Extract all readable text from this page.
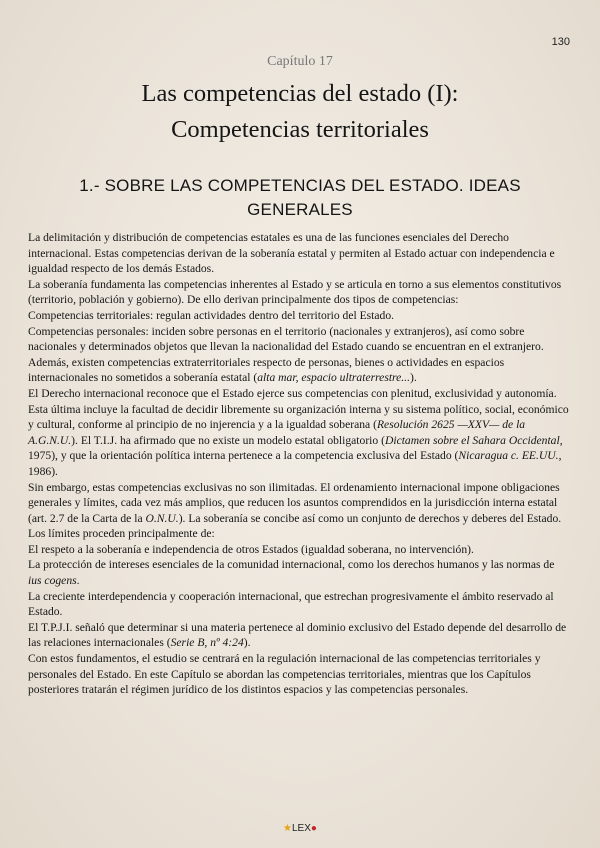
130
Capítulo 17
Las competencias del estado (I):
Competencias territoriales
1.- SOBRE LAS COMPETENCIAS DEL ESTADO. IDEAS GENERALES

La delimitación y distribución de competencias estatales es una de las funciones esenciales del Derecho internacional. Estas competencias derivan de la soberanía estatal y permiten al Estado actuar con independencia e igualdad respecto de los demás Estados.

La soberanía fundamenta las competencias inherentes al Estado y se articula en torno a sus elementos constitutivos (territorio, población y gobierno). De ello derivan principalmente dos tipos de competencias:

Competencias territoriales: regulan actividades dentro del territorio del Estado.

Competencias personales: inciden sobre personas en el territorio (nacionales y extranjeros), así como sobre nacionales y determinados objetos que llevan la nacionalidad del Estado cuando se encuentran en el extranjero.

Además, existen competencias extraterritoriales respecto de personas, bienes o actividades en espacios internacionales no sometidos a soberanía estatal (alta mar, espacio ultraterrestre...).

El Derecho internacional reconoce que el Estado ejerce sus competencias con plenitud, exclusividad y autonomía. Esta última incluye la facultad de decidir libremente su organización interna y su sistema político, social, económico y cultural, conforme al principio de no injerencia y a la igualdad soberana (Resolución 2625 —XXV— de la A.G.N.U.). El T.I.J. ha afirmado que no existe un modelo estatal obligatorio (Dictamen sobre el Sahara Occidental, 1975), y que la orientación política interna pertenece a la competencia exclusiva del Estado (Nicaragua c. EE.UU., 1986).

Sin embargo, estas competencias exclusivas no son ilimitadas. El ordenamiento internacional impone obligaciones generales y límites, cada vez más amplios, que reducen los asuntos comprendidos en la jurisdicción interna estatal (art. 2.7 de la Carta de la O.N.U.). La soberanía se concibe así como un conjunto de derechos y deberes del Estado.

Los límites proceden principalmente de:

El respeto a la soberanía e independencia de otros Estados (igualdad soberana, no intervención).

La protección de intereses esenciales de la comunidad internacional, como los derechos humanos y las normas de ius cogens.

La creciente interdependencia y cooperación internacional, que estrechan progresivamente el ámbito reservado al Estado.

El T.P.J.I. señaló que determinar si una materia pertenece al dominio exclusivo del Estado depende del desarrollo de las relaciones internacionales (Serie B, nº 4:24).

Con estos fundamentos, el estudio se centrará en la regulación internacional de las competencias territoriales y personales del Estado. En este Capítulo se abordan las competencias territoriales, mientras que los Capítulos posteriores tratarán el régimen jurídico de los distintos espacios y las competencias personales.

★LEX●
